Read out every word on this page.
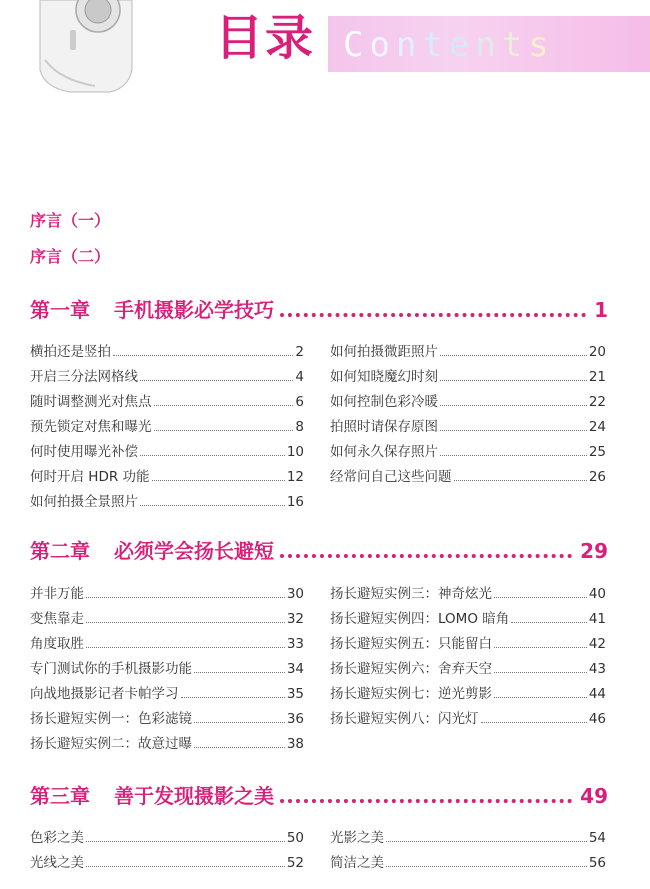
目录 Contents
序言（一）
序言（二）
第一章 手机摄影必学技巧	1
横拍还是竖拍	2
开启三分法网格线	4
随时调整测光对焦点	6
预先锁定对焦和曝光	8
何时使用曝光补偿	10
何时开启 HDR 功能	12
如何拍摄全景照片	16
如何拍摄微距照片	20
如何知晓魔幻时刻	21
如何控制色彩冷暖	22
拍照时请保存原图	24
如何永久保存照片	25
经常问自己这些问题	26
第二章 必须学会扬长避短	29
并非万能	30
变焦靠走	32
角度取胜	33
专门测试你的手机摄影功能	34
向战地摄影记者卡帕学习	35
扬长避短实例一：色彩滤镜	36
扬长避短实例二：故意过曝	38
扬长避短实例三：神奇炫光	40
扬长避短实例四：LOMO 暗角	41
扬长避短实例五：只能留白	42
扬长避短实例六：舍弃天空	43
扬长避短实例七：逆光剪影	44
扬长避短实例八：闪光灯	46
第三章 善于发现摄影之美	49
色彩之美	50
光线之美	52
光影之美	54
简洁之美	56
